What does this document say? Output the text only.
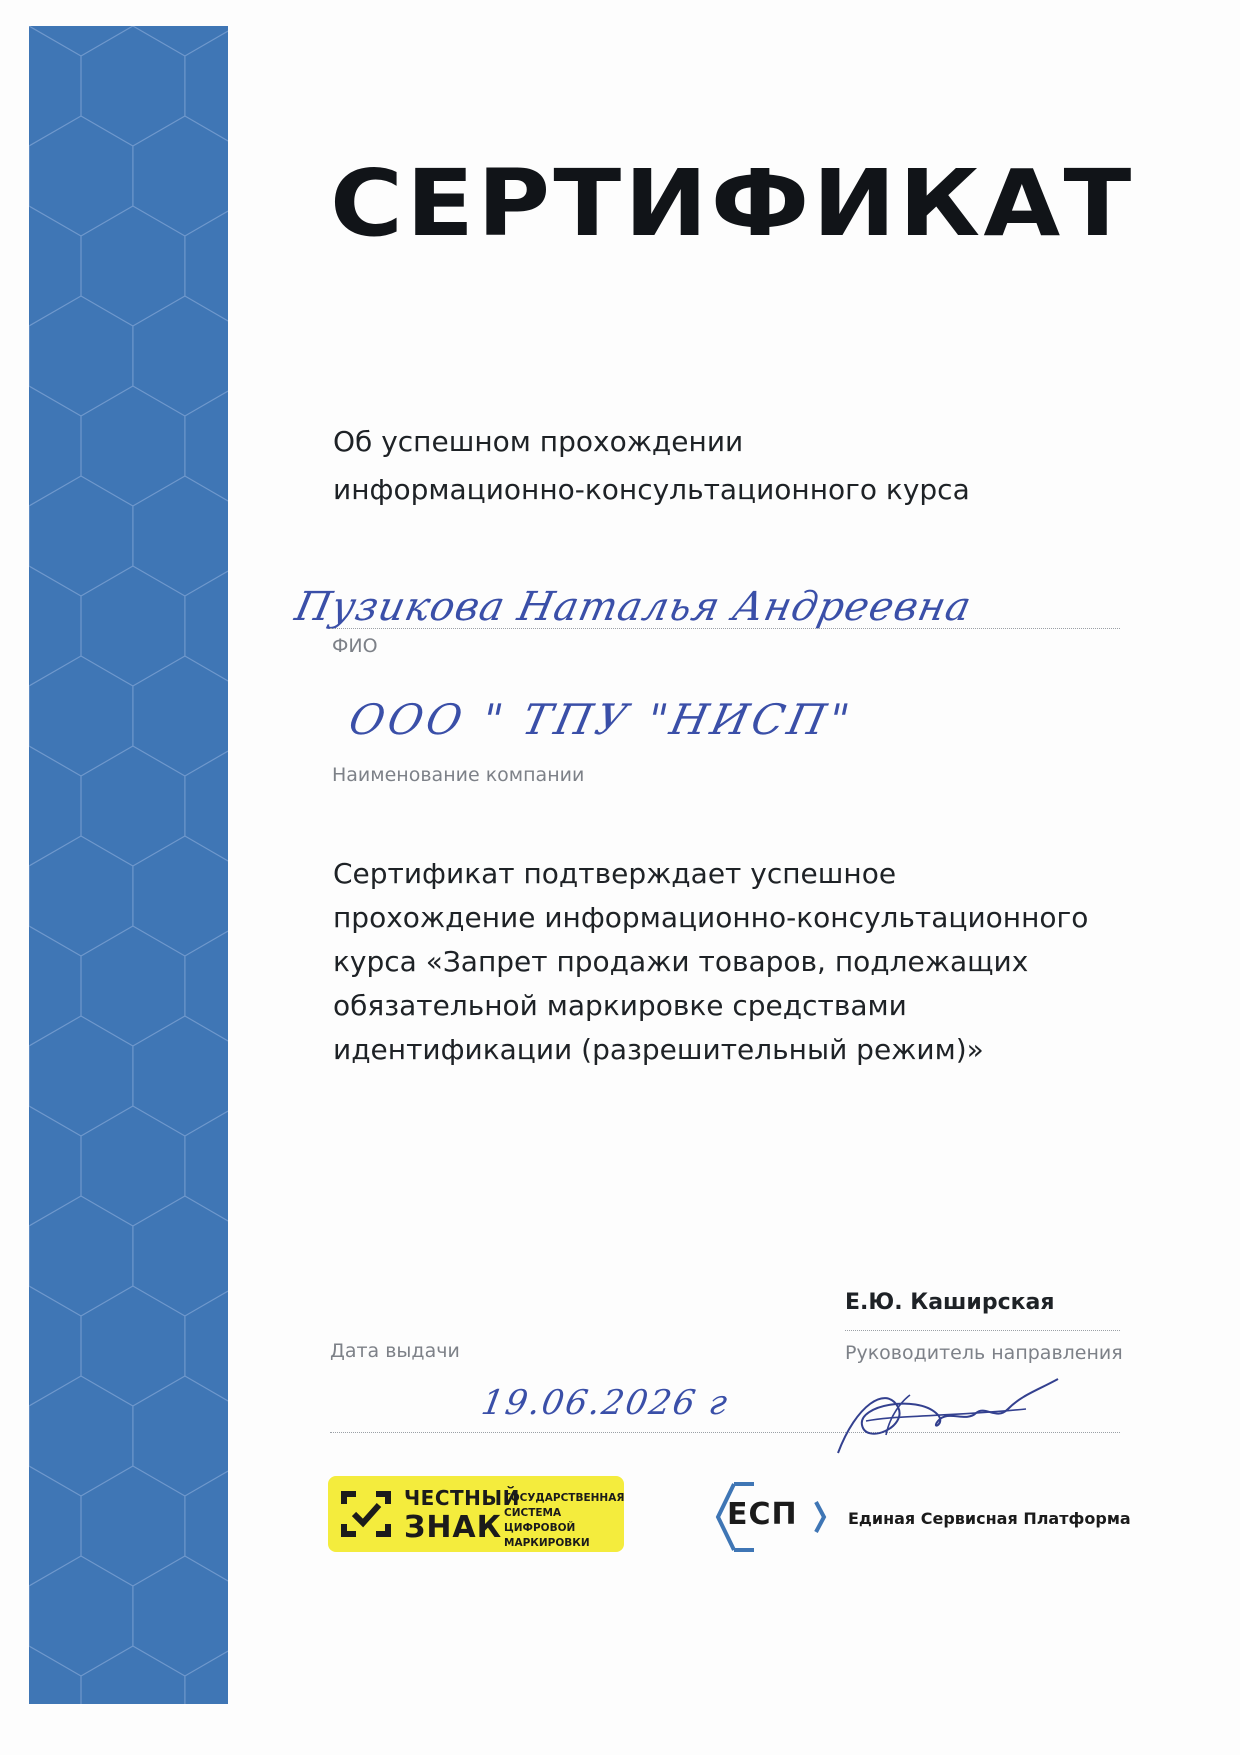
СЕРТИФИКАТ
Об успешном прохождении
информационно-консультационного курса
Пузикова Наталья Андреевна
ФИО
ООО " ТПУ "НИСП"
Наименование компании
Сертификат подтверждает успешное
прохождение информационно-консультационного
курса «Запрет продажи товаров, подлежащих
обязательной маркировке средствами
идентификации (разрешительный режим)»
Е.Ю. Каширская
Руководитель направления
Дата выдачи
19.06.2026 г
ЧЕСТНЫЙ
ЗНАК
ГОСУДАРСТВЕННАЯ
СИСТЕМА ЦИФРОВОЙ
МАРКИРОВКИ
ЕСП	Единая Сервисная Платформа
